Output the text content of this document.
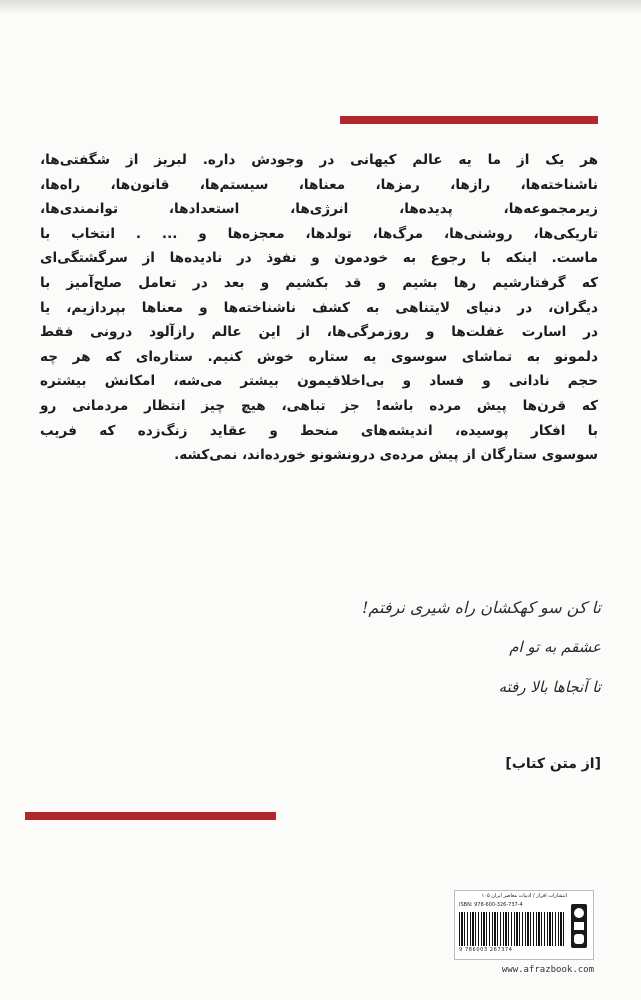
هر یک از ما یه عالم کیهانی در وجودش داره. لبریز از شگفتی‌ها،
ناشناخته‌ها، رازها، رمزها، معناها، سیستم‌ها، قانون‌ها، راه‌ها،
زیرمجموعه‌ها، پدیده‌ها، انرژی‌ها، استعدادها، توانمندی‌ها،
تاریکی‌ها، روشنی‌ها، مرگ‌ها، تولدها، معجزه‌ها و ... . انتخاب با
ماست. اینکه با رجوع به خودمون و نفوذ در نادیده‌ها از سرگشتگی‌ای
که گرفتارشیم رها بشیم و قد بکشیم و بعد در تعامل صلح‌آمیز با
دیگران، در دنیای لایتناهی به کشف ناشناخته‌ها و معناها بپردازیم، یا
در اسارت غفلت‌ها و روزمرگی‌ها، از این عالم رازآلود درونی فقط
دلمونو به تماشای سوسوی یه ستاره خوش کنیم. ستاره‌ای که هر چه
حجم نادانی و فساد و بی‌اخلاقیمون بیشتر می‌شه، امکانش بیشتره
که قرن‌ها پیش مرده باشه! جز تباهی، هیچ چیز انتظار مردمانی رو
با افکار پوسیده، اندیشه‌های منحط و عقاید زنگ‌زده که فریب
سوسوی ستارگان از پیش مرده‌ی درونشونو خورده‌اند، نمی‌کشه.
تا کن سو کهکشان راه شیری نرفتم!
عشقم به تو ام
تا آنجاها بالا رفته
[از متن کتاب]
انتشارات افراز / ادبیات معاصر ایران ۱۰۵
ISBN: 978-600-326-737-4
9 786003 267374
www.afrazbook.com
